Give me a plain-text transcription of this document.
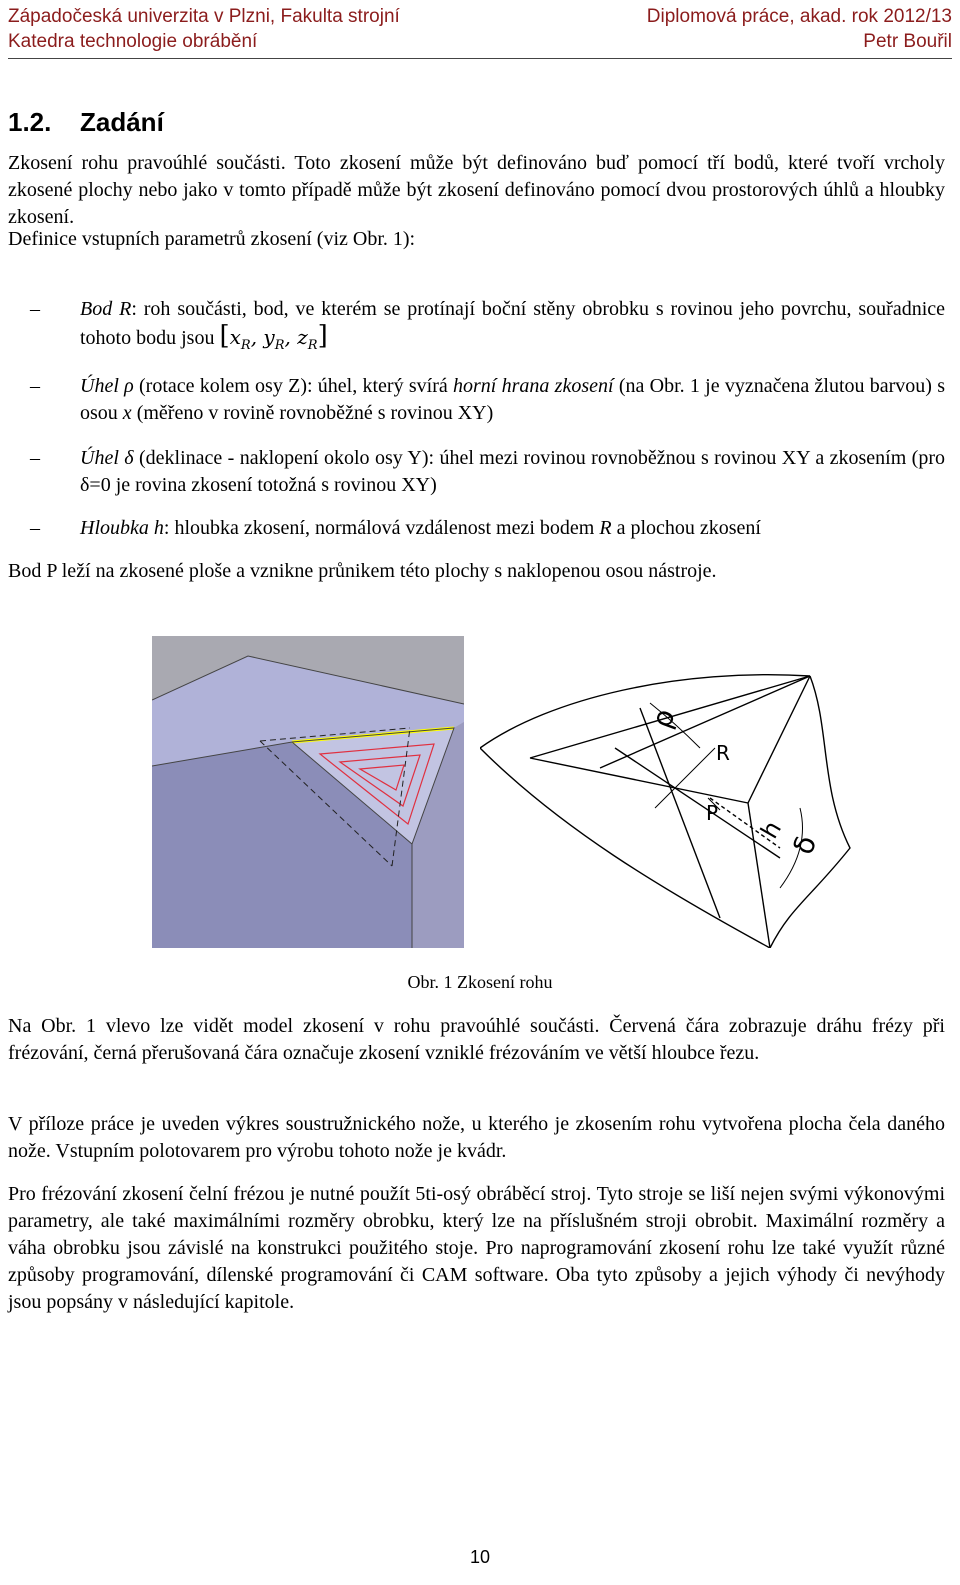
Západočeská univerzita v Plzni, Fakulta strojní	Diplomová práce, akad. rok 2012/13
Katedra technologie obrábění	Petr Bouřil
1.2. Zadání
Zkosení rohu pravoúhlé součásti. Toto zkosení může být definováno buď pomocí tří bodů, které tvoří vrcholy zkosené plochy nebo jako v tomto případě může být zkosení definováno pomocí dvou prostorových úhlů a hloubky zkosení.
Definice vstupních parametrů zkosení (viz Obr. 1):
– Bod R: roh součásti, bod, ve kterém se protínají boční stěny obrobku s rovinou jeho povrchu, souřadnice tohoto bodu jsou [$x_R$, $y_R$, $z_R$]
– Úhel ρ (rotace kolem osy Z): úhel, který svírá horní hrana zkosení (na Obr. 1 je vyznačena žlutou barvou) s osou x (měřeno v rovině rovnoběžné s rovinou XY)
– Úhel δ (deklinace - naklopení okolo osy Y): úhel mezi rovinou rovnoběžnou s rovinou XY a zkosením (pro δ=0 je rovina zkosení totožná s rovinou XY)
– Hloubka h: hloubka zkosení, normálová vzdálenost mezi bodem R a plochou zkosení
Bod P leží na zkosené ploše a vznikne průnikem této plochy s naklopenou osou nástroje.
ρ
R
P
h
δ
Obr. 1 Zkosení rohu
Na Obr. 1 vlevo lze vidět model zkosení v rohu pravoúhlé součásti. Červená čára zobrazuje dráhu frézy při frézování, černá přerušovaná čára označuje zkosení vzniklé frézováním ve větší hloubce řezu.
V příloze práce je uveden výkres soustružnického nože, u kterého je zkosením rohu vytvořena plocha čela daného nože. Vstupním polotovarem pro výrobu tohoto nože je kvádr.
Pro frézování zkosení čelní frézou je nutné použít 5ti-osý obráběcí stroj. Tyto stroje se liší nejen svými výkonovými parametry, ale také maximálními rozměry obrobku, který lze na příslušném stroji obrobit. Maximální rozměry a váha obrobku jsou závislé na konstrukci použitého stoje. Pro naprogramování zkosení rohu lze také využít různé způsoby programování, dílenské programování či CAM software. Oba tyto způsoby a jejich výhody či nevýhody jsou popsány v následující kapitole.
10
